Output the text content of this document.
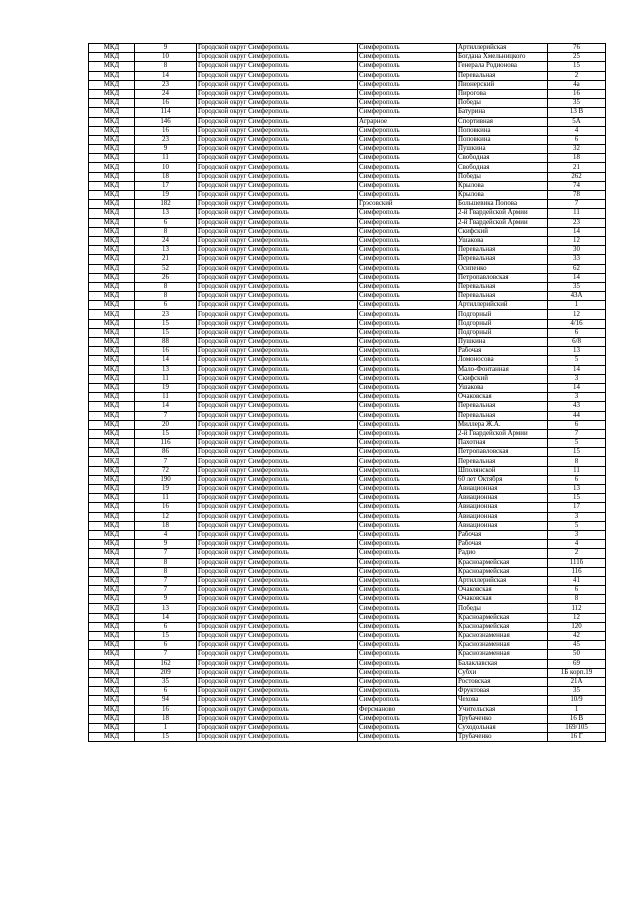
МКД	9	Городской округ Симферополь	Симферополь	Артиллерийская	76
МКД	10	Городской округ Симферополь	Симферополь	Богдана Хмельницкого	25
МКД	8	Городской округ Симферополь	Симферополь	Генерала Родионова	15
МКД	14	Городской округ Симферополь	Симферополь	Перевальная	2
МКД	23	Городской округ Симферополь	Симферополь	Пионерский	4а
МКД	24	Городской округ Симферополь	Симферополь	Пирогова	16
МКД	16	Городской округ Симферополь	Симферополь	Победы	35
МКД	114	Городской округ Симферополь	Симферополь	Батурина	13 В
МКД	146	Городской округ Симферополь	Аграрное	Спортивная	5А
МКД	16	Городской округ Симферополь	Симферополь	Поповкина	4
МКД	23	Городской округ Симферополь	Симферополь	Поповкина	6
МКД	9	Городской округ Симферополь	Симферополь	Пушкина	32
МКД	11	Городской округ Симферополь	Симферополь	Свободная	18
МКД	10	Городской округ Симферополь	Симферополь	Свободная	21
МКД	18	Городской округ Симферополь	Симферополь	Победы	262
МКД	17	Городской округ Симферополь	Симферополь	Крылова	74
МКД	19	Городской округ Симферополь	Симферополь	Крылова	78
МКД	182	Городской округ Симферополь	Грэсовский	Большевика Попова	7
МКД	13	Городской округ Симферополь	Симферополь	2-й Гвардейской Армии	11
МКД	6	Городской округ Симферополь	Симферополь	2-й Гвардейской Армии	23
МКД	8	Городской округ Симферополь	Симферополь	Скифский	14
МКД	24	Городской округ Симферополь	Симферополь	Ушакова	12
МКД	13	Городской округ Симферополь	Симферополь	Перевальная	30
МКД	21	Городской округ Симферополь	Симферополь	Перевальная	33
МКД	52	Городской округ Симферополь	Симферополь	Осипенко	62
МКД	26	Городской округ Симферополь	Симферополь	Петропавловская	14
МКД	8	Городской округ Симферополь	Симферополь	Перевальная	35
МКД	8	Городской округ Симферополь	Симферополь	Перевальная	43А
МКД	6	Городской округ Симферополь	Симферополь	Артиллерийский	1
МКД	23	Городской округ Симферополь	Симферополь	Подгорный	12
МКД	15	Городской округ Симферополь	Симферополь	Подгорный	4/16
МКД	15	Городской округ Симферополь	Симферополь	Подгорный	6
МКД	88	Городской округ Симферополь	Симферополь	Пушкина	6/8
МКД	16	Городской округ Симферополь	Симферополь	Рабочая	13
МКД	14	Городской округ Симферополь	Симферополь	Ломоносова	5
МКД	13	Городской округ Симферополь	Симферополь	Мало-Фонтанная	14
МКД	11	Городской округ Симферополь	Симферополь	Скифский	3
МКД	19	Городской округ Симферополь	Симферополь	Ушакова	14
МКД	11	Городской округ Симферополь	Симферополь	Очаковская	3
МКД	14	Городской округ Симферополь	Симферополь	Перевальная	43
МКД	7	Городской округ Симферополь	Симферополь	Перевальная	44
МКД	20	Городской округ Симферополь	Симферополь	Миллера Ж.А.	6
МКД	15	Городской округ Симферополь	Симферополь	2-й Гвардейской Армии	7
МКД	116	Городской округ Симферополь	Симферополь	Пахотная	5
МКД	86	Городской округ Симферополь	Симферополь	Петропавловская	15
МКД	7	Городской округ Симферополь	Симферополь	Перевальная	8
МКД	72	Городской округ Симферополь	Симферополь	Шполянской	11
МКД	190	Городской округ Симферополь	Симферополь	60 лет Октября	6
МКД	19	Городской округ Симферополь	Симферополь	Авиационная	13
МКД	11	Городской округ Симферополь	Симферополь	Авиационная	15
МКД	16	Городской округ Симферополь	Симферополь	Авиационная	17
МКД	12	Городской округ Симферополь	Симферополь	Авиационная	3
МКД	18	Городской округ Симферополь	Симферополь	Авиационная	5
МКД	4	Городской округ Симферополь	Симферополь	Рабочая	3
МКД	9	Городской округ Симферополь	Симферополь	Рабочая	4
МКД	7	Городской округ Симферополь	Симферополь	Радио	2
МКД	8	Городской округ Симферополь	Симферополь	Красноармейская	111б
МКД	8	Городской округ Симферополь	Симферополь	Красноармейская	116
МКД	7	Городской округ Симферополь	Симферополь	Артиллерийская	41
МКД	7	Городской округ Симферополь	Симферополь	Очаковская	6
МКД	9	Городской округ Симферополь	Симферополь	Очаковская	8
МКД	13	Городской округ Симферополь	Симферополь	Победы	112
МКД	14	Городской округ Симферополь	Симферополь	Красноармейская	12
МКД	6	Городской округ Симферополь	Симферополь	Красноармейская	120
МКД	15	Городской округ Симферополь	Симферополь	Краснознаменная	42
МКД	6	Городской округ Симферополь	Симферополь	Краснознаменная	45
МКД	7	Городской округ Симферополь	Симферополь	Краснознаменная	50
МКД	162	Городской округ Симферополь	Симферополь	Балаклавская	69
МКД	209	Городской округ Симферополь	Симферополь	Субхи	1Б корп.19
МКД	35	Городской округ Симферополь	Симферополь	Ростовская	21А
МКД	6	Городской округ Симферополь	Симферополь	Фруктовая	35
МКД	94	Городской округ Симферополь	Симферополь	Чехова	10/9
МКД	16	Городской округ Симферополь	Ферсманово	Учительская	1
МКД	18	Городской округ Симферополь	Симферополь	Трубаченко	16 В
МКД	1	Городской округ Симферополь	Симферополь	Суходольная	169/105
МКД	15	Городской округ Симферополь	Симферополь	Трубаченко	16 Г
